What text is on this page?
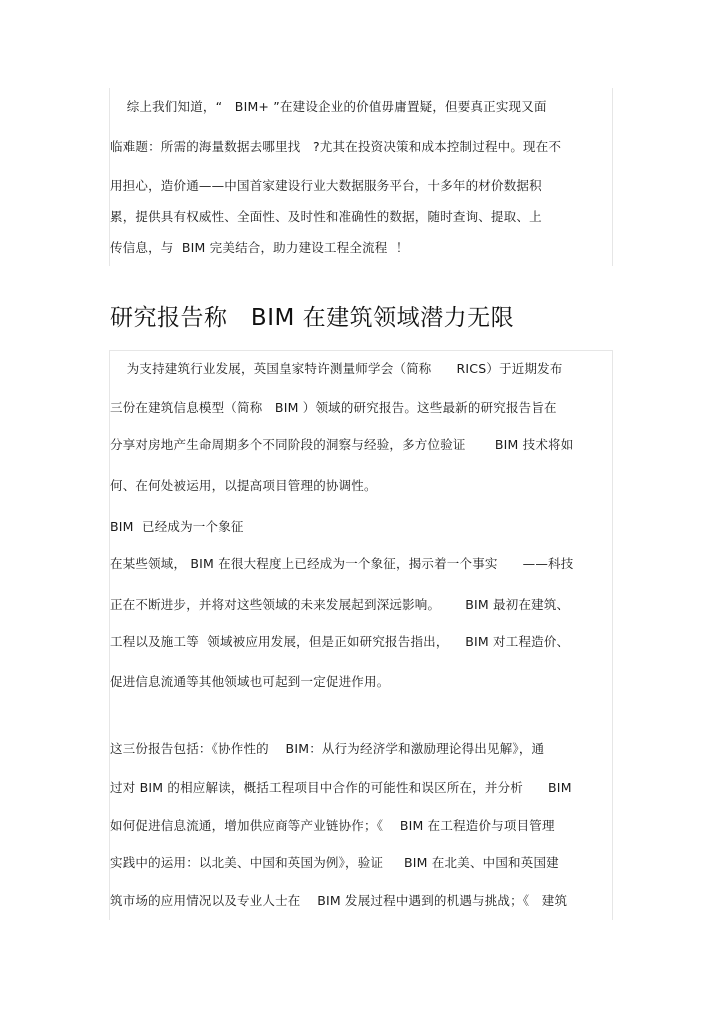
综上我们知道，“   BIM+ ”在建设企业的价值毋庸置疑，但要真正实现又面
临难题：所需的海量数据去哪里找   ?尤其在投资决策和成本控制过程中。现在不
用担心，造价通——中国首家建设行业大数据服务平台，十多年的材价数据积
累，提供具有权威性、全面性、及时性和准确性的数据，随时查询、提取、上
传信息，与  BIM 完美结合，助力建设工程全流程  ！
研究报告称   BIM 在建筑领域潜力无限
为支持建筑行业发展，英国皇家特许测量师学会（简称      RICS）于近期发布
三份在建筑信息模型（简称   BIM ）领域的研究报告。这些最新的研究报告旨在
分享对房地产生命周期多个不同阶段的洞察与经验，多方位验证       BIM 技术将如
何、在何处被运用，以提高项目管理的协调性。
BIM  已经成为一个象征
在某些领域， BIM 在很大程度上已经成为一个象征，揭示着一个事实      ——科技
正在不断进步，并将对这些领域的未来发展起到深远影响。      BIM 最初在建筑、
工程以及施工等  领域被应用发展，但是正如研究报告指出，    BIM 对工程造价、
促进信息流通等其他领域也可起到一定促进作用。
这三份报告包括：《协作性的    BIM：从行为经济学和激励理论得出见解》，通
过对 BIM 的相应解读，概括工程项目中合作的可能性和误区所在，并分析      BIM
如何促进信息流通，增加供应商等产业链协作；《    BIM 在工程造价与项目管理
实践中的运用：以北美、中国和英国为例》，验证     BIM 在北美、中国和英国建
筑市场的应用情况以及专业人士在    BIM 发展过程中遇到的机遇与挑战；《   建筑
